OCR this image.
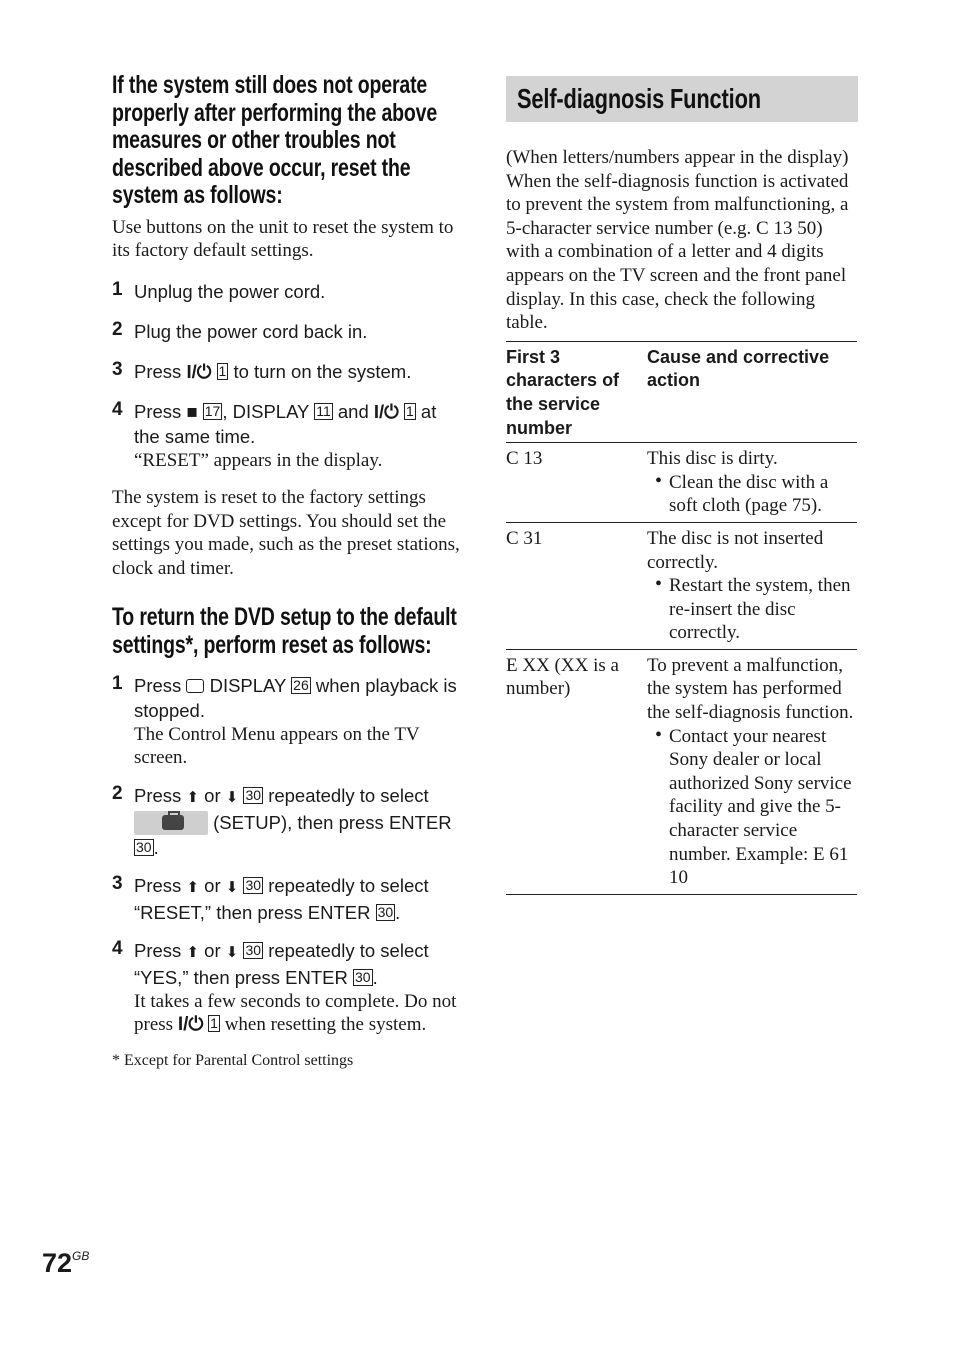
If the system still does not operate properly after performing the above measures or other troubles not described above occur, reset the system as follows:

Use buttons on the unit to reset the system to its factory default settings.

1 Unplug the power cord.
2 Plug the power cord back in.
3 Press I/⏻ 1 to turn on the system.
4 Press ■ 17 , DISPLAY 11 and I/⏻ 1 at the same time.
“RESET” appears in the display.

The system is reset to the factory settings except for DVD settings. You should set the settings you made, such as the preset stations, clock and timer.

To return the DVD setup to the default settings*, perform reset as follows:
1 Press DISPLAY 26 when playback is stopped.
The Control Menu appears on the TV screen.
2 Press ⬆ or ⬇ 30 repeatedly to select
(SETUP), then press ENTER 30 .
3 Press ⬆ or ⬇ 30 repeatedly to select “RESET,” then press ENTER 30 .
4 Press ⬆ or ⬇ 30 repeatedly to select “YES,” then press ENTER 30 .
It takes a few seconds to complete. Do not press I/⏻ 1 when resetting the system.
* Except for Parental Control settings
Self-diagnosis Function

(When letters/numbers appear in the display)

When the self-diagnosis function is activated to prevent the system from malfunctioning, a 5-character service number (e.g. C 13 50) with a combination of a letter and 4 digits appears on the TV screen and the front panel display. In this case, check the following table.

First 3 characters of the service number	Cause and corrective action
C 13	This disc is dirty.
• Clean the disc with a soft cloth (page 75).

C 31	The disc is not inserted correctly.
• Restart the system, then re-insert the disc correctly.

E XX (XX is a number)	To prevent a malfunction, the system has performed the self-diagnosis function.
• Contact your nearest Sony dealer or local authorized Sony service facility and give the 5-character service number. Example: E 61 10
$72^{GB}$
